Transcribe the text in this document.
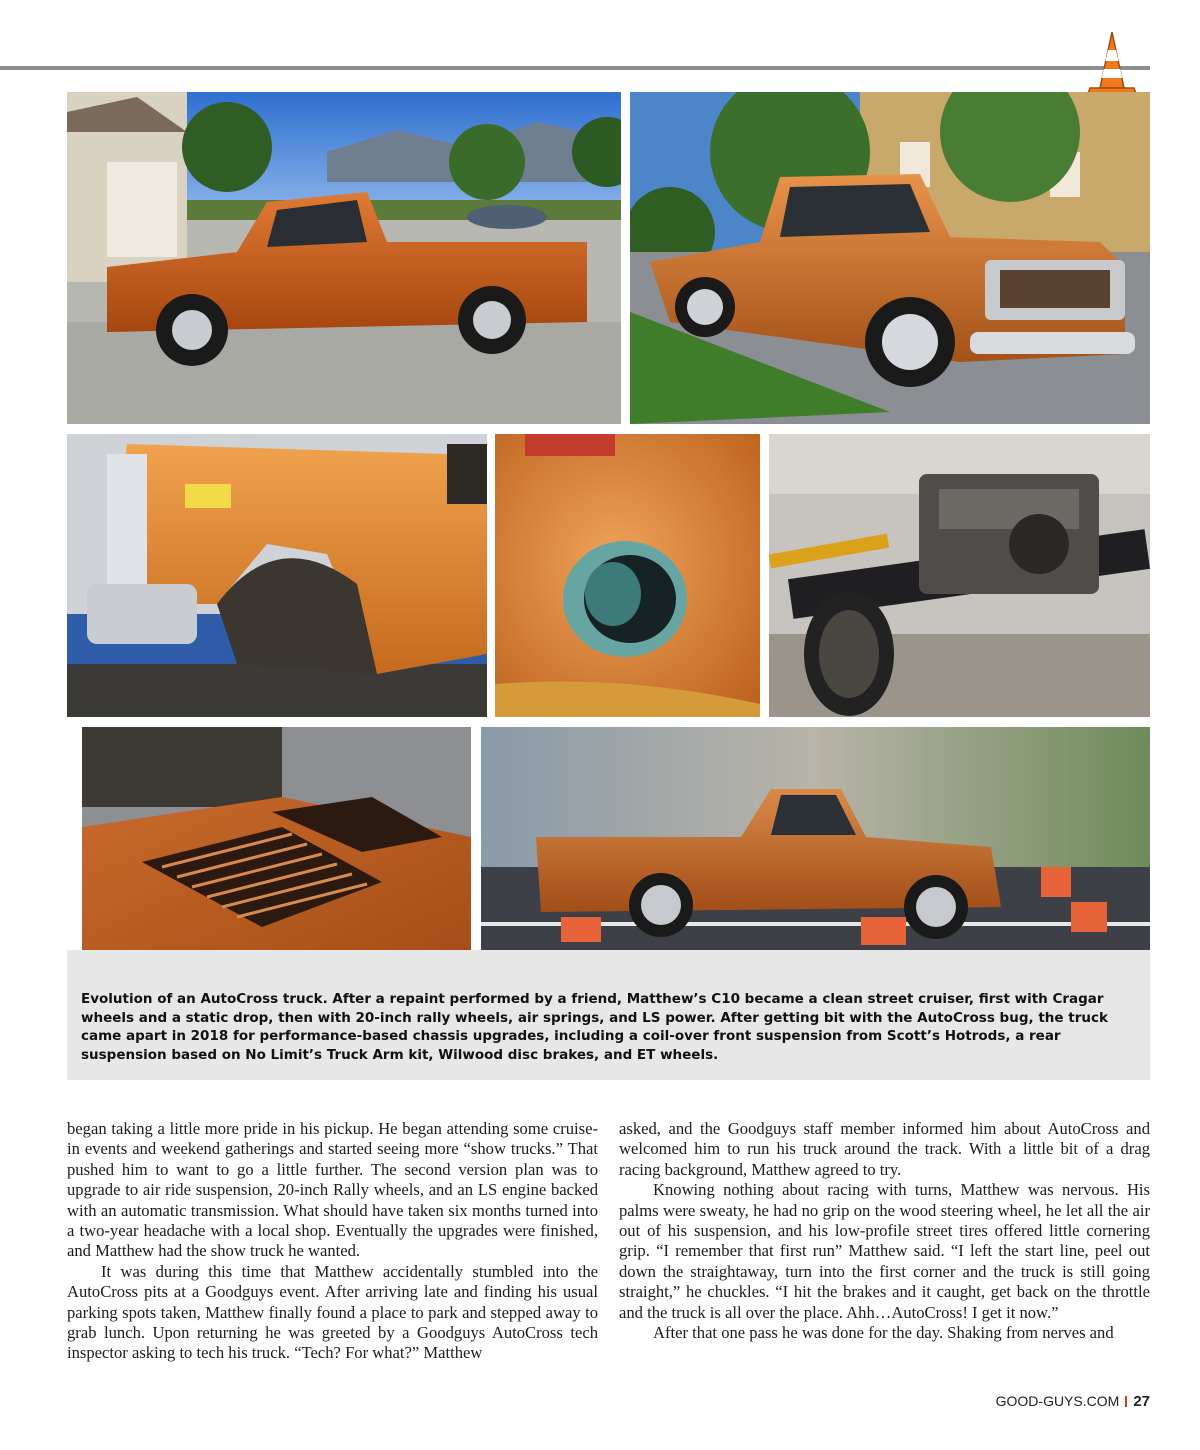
Evolution of an AutoCross truck. After a repaint performed by a friend, Matthew’s C10 became a clean street cruiser, first with Cragar wheels and a static drop, then with 20-inch rally wheels, air springs, and LS power. After getting bit with the AutoCross bug, the truck came apart in 2018 for performance-based chassis upgrades, including a coil-over front suspension from Scott’s Hotrods, a rear suspension based on No Limit’s Truck Arm kit, Wilwood disc brakes, and ET wheels.

began taking a little more pride in his pickup. He began attending some cruise-in events and weekend gatherings and started seeing more “show trucks.” That pushed him to want to go a little further. The second version plan was to upgrade to air ride suspension, 20-inch Rally wheels, and an LS engine backed with an automatic transmission. What should have taken six months turned into a two-year headache with a local shop. Eventually the upgrades were finished, and Matthew had the show truck he wanted.

It was during this time that Matthew accidentally stumbled into the AutoCross pits at a Goodguys event. After arriving late and finding his usual parking spots taken, Matthew finally found a place to park and stepped away to grab lunch. Upon returning he was greeted by a Goodguys AutoCross tech inspector asking to tech his truck. “Tech? For what?” Matthew

asked, and the Goodguys staff member informed him about AutoCross and welcomed him to run his truck around the track. With a little bit of a drag racing background, Matthew agreed to try.

Knowing nothing about racing with turns, Matthew was nervous. His palms were sweaty, he had no grip on the wood steering wheel, he let all the air out of his suspension, and his low-profile street tires offered little cornering grip. “I remember that first run” Matthew said. “I left the start line, peel out down the straightaway, turn into the first corner and the truck is still going straight,” he chuckles. “I hit the brakes and it caught, get back on the throttle and the truck is all over the place. Ahh…AutoCross! I get it now.”

After that one pass he was done for the day. Shaking from nerves and

GOOD-GUYS.COM 27
